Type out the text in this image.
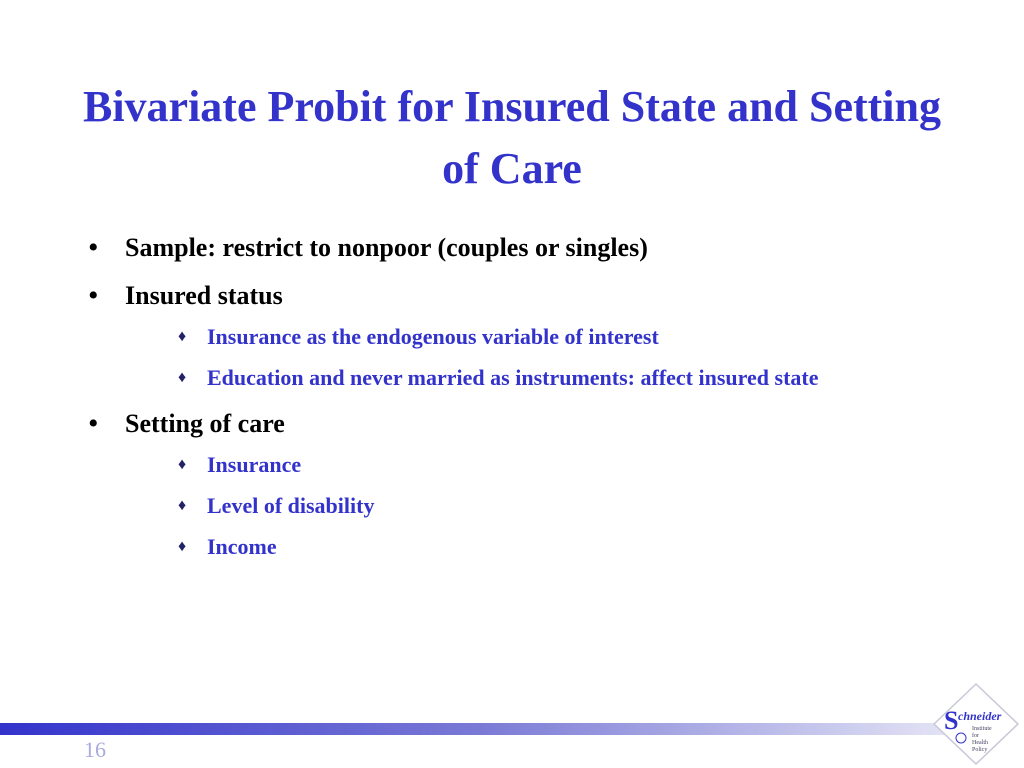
Bivariate Probit for Insured State and Setting of Care
• Sample: restrict to nonpoor (couples or singles)
• Insured status
♦ Insurance as the endogenous variable of interest
♦ Education and never married as instruments: affect insured state
• Setting of care
♦ Insurance
♦ Level of disability
♦ Income
16
S chneider
Institute
for
Health
Policy
